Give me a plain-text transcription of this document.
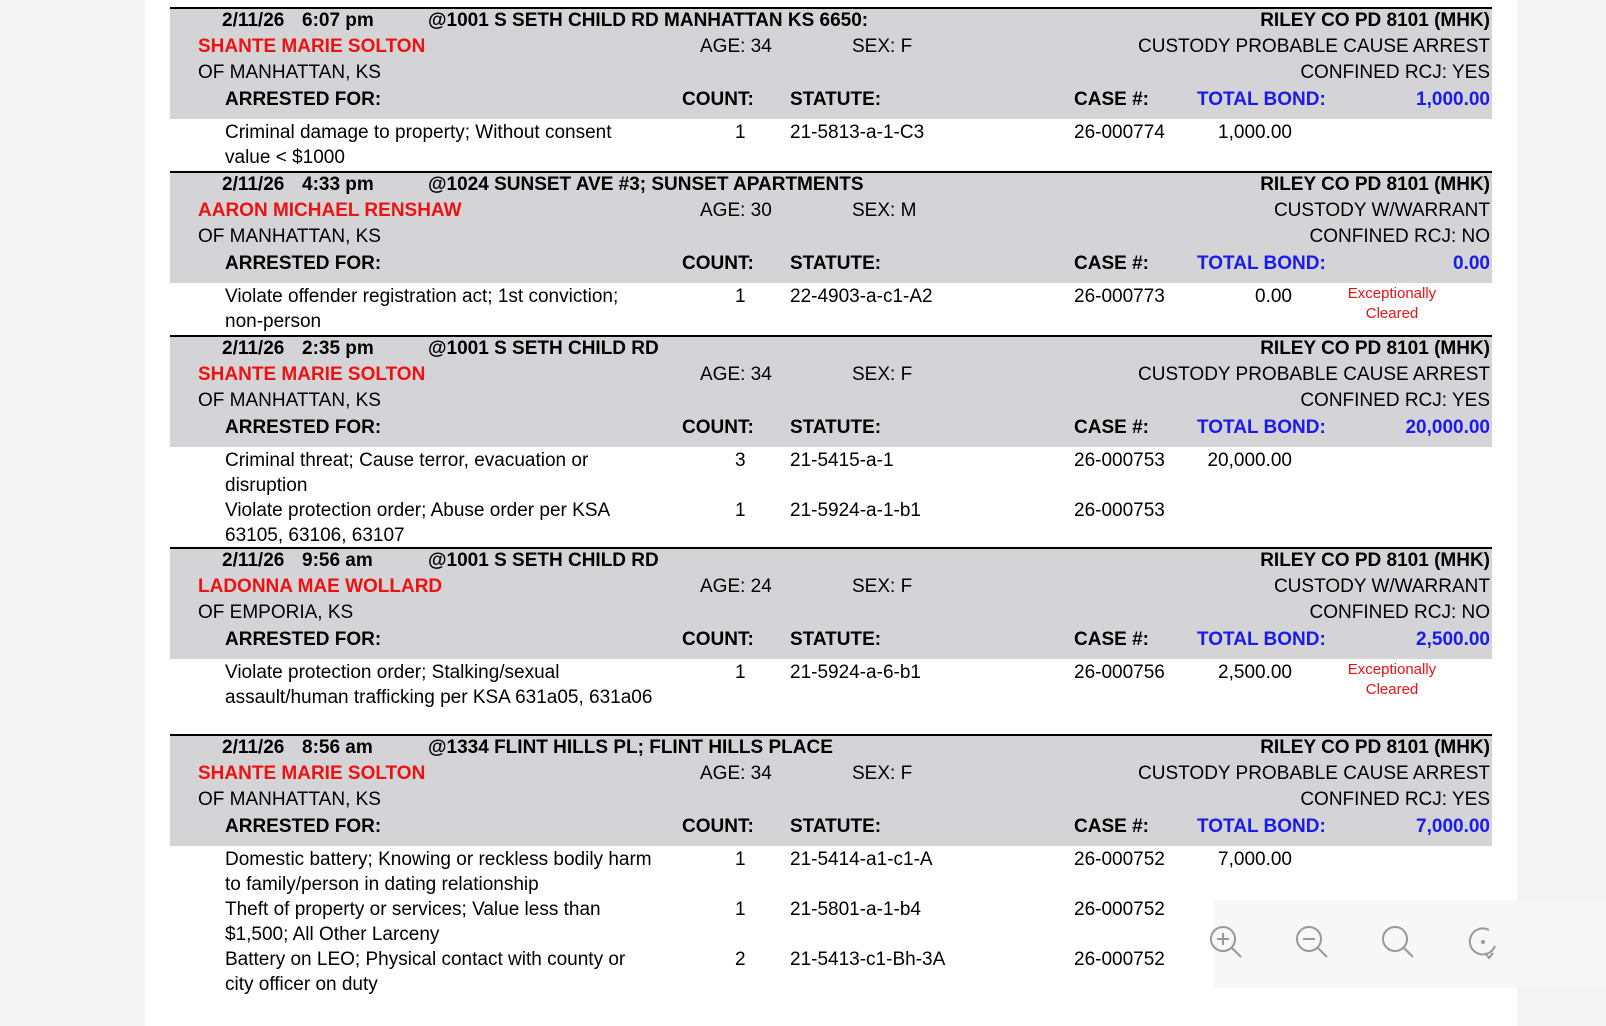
2/11/26 6:07 pm	@1001 S SETH CHILD RD MANHATTAN KS 6650:	RILEY CO PD 8101 (MHK)
SHANTE MARIE SOLTON	AGE: 34	SEX: F	CUSTODY PROBABLE CAUSE ARREST
OF MANHATTAN, KS	CONFINED RCJ: YES
ARRESTED FOR:	COUNT: STATUTE:	CASE #:	TOTAL BOND:	1,000.00
Criminal damage to property; Without consent value < $1000
1 21-5813-a-1-C3	26-000774	1,000.00
2/11/26 4:33 pm	@1024 SUNSET AVE #3; SUNSET APARTMENTS	RILEY CO PD 8101 (MHK)
AARON MICHAEL RENSHAW	AGE: 30	SEX: M	CUSTODY W/WARRANT
OF MANHATTAN, KS	CONFINED RCJ: NO
ARRESTED FOR:	COUNT: STATUTE:	CASE #:	TOTAL BOND:	0.00
Violate offender registration act; 1st conviction; non-person
1 22-4903-a-c1-A2	26-000773	0.00	Exceptionally Cleared
2/11/26 2:35 pm	@1001 S SETH CHILD RD	RILEY CO PD 8101 (MHK)
SHANTE MARIE SOLTON	AGE: 34	SEX: F	CUSTODY PROBABLE CAUSE ARREST
OF MANHATTAN, KS	CONFINED RCJ: YES
ARRESTED FOR:	COUNT: STATUTE:	CASE #:	TOTAL BOND:	20,000.00
Criminal threat; Cause terror, evacuation or disruption
3 21-5415-a-1	26-000753 20,000.00
Violate protection order; Abuse order per KSA 63105, 63106, 63107
1 21-5924-a-1-b1	26-000753
2/11/26 9:56 am	@1001 S SETH CHILD RD	RILEY CO PD 8101 (MHK)
LADONNA MAE WOLLARD	AGE: 24	SEX: F	CUSTODY W/WARRANT
OF EMPORIA, KS	CONFINED RCJ: NO
ARRESTED FOR:	COUNT: STATUTE:	CASE #:	TOTAL BOND:	2,500.00
Violate protection order; Stalking/sexual assault/human trafficking per KSA 631a05, 631a06
1 21-5924-a-6-b1	26-000756	2,500.00	Exceptionally Cleared
2/11/26 8:56 am	@1334 FLINT HILLS PL; FLINT HILLS PLACE	RILEY CO PD 8101 (MHK)
SHANTE MARIE SOLTON	AGE: 34	SEX: F	CUSTODY PROBABLE CAUSE ARREST
OF MANHATTAN, KS	CONFINED RCJ: YES
ARRESTED FOR:	COUNT: STATUTE:	CASE #:	TOTAL BOND:	7,000.00
Domestic battery; Knowing or reckless bodily harm to family/person in dating relationship
1 21-5414-a1-c1-A	26-000752	7,000.00
Theft of property or services; Value less than $1,500; All Other Larceny
1 21-5801-a-1-b4	26-000752
Battery on LEO; Physical contact with county or city officer on duty
2 21-5413-c1-Bh-3A	26-000752
